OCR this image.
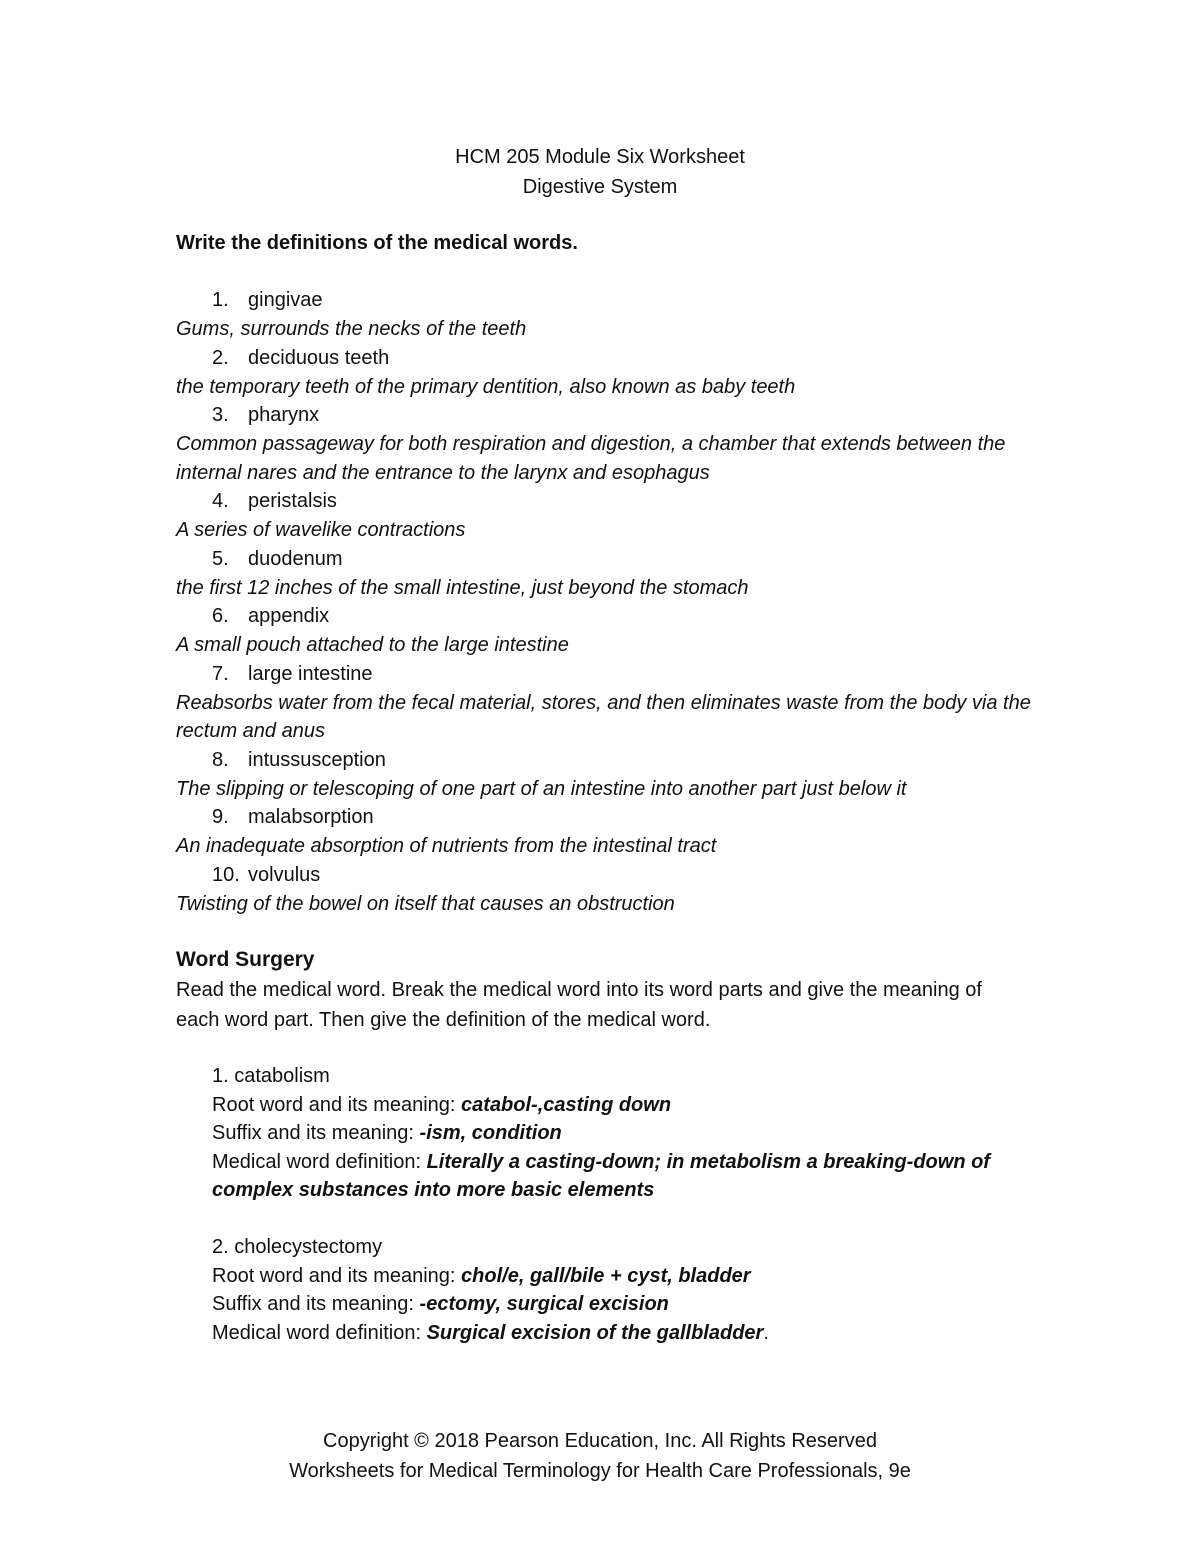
HCM 205 Module Six Worksheet
Digestive System
Write the definitions of the medical words.
1. gingivae
Gums, surrounds the necks of the teeth
2. deciduous teeth
the temporary teeth of the primary dentition, also known as baby teeth
3. pharynx
Common passageway for both respiration and digestion, a chamber that extends between the internal nares and the entrance to the larynx and esophagus
4. peristalsis
A series of wavelike contractions
5. duodenum
the first 12 inches of the small intestine, just beyond the stomach
6. appendix
A small pouch attached to the large intestine
7. large intestine
Reabsorbs water from the fecal material, stores, and then eliminates waste from the body via the rectum and anus
8. intussusception
The slipping or telescoping of one part of an intestine into another part just below it
9. malabsorption
An inadequate absorption of nutrients from the intestinal tract
10. volvulus
Twisting of the bowel on itself that causes an obstruction
Word Surgery
Read the medical word. Break the medical word into its word parts and give the meaning of each word part. Then give the definition of the medical word.
1. catabolism
Root word and its meaning: catabol-,casting down
Suffix and its meaning: -ism, condition
Medical word definition: Literally a casting-down; in metabolism a breaking-down of complex substances into more basic elements
2. cholecystectomy
Root word and its meaning: chol/e, gall/bile + cyst, bladder
Suffix and its meaning: -ectomy, surgical excision
Medical word definition: Surgical excision of the gallbladder.
Copyright © 2018 Pearson Education, Inc. All Rights Reserved
Worksheets for Medical Terminology for Health Care Professionals, 9e
